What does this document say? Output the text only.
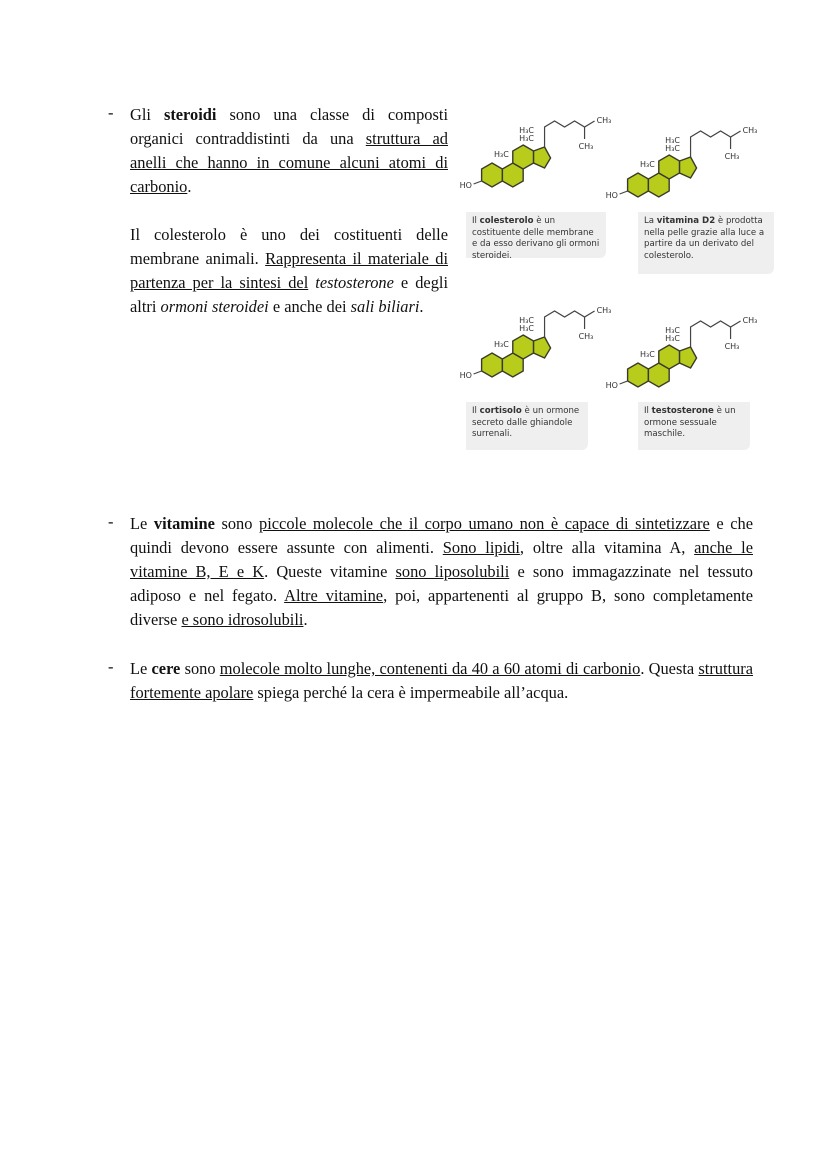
- Gli steroidi sono una classe di composti organici contraddistinti da una struttura ad anelli che hanno in comune alcuni atomi di carbonio.

Il colesterolo è uno dei costituenti delle membrane animali. Rappresenta il materiale di partenza per la sintesi del testosterone e degli altri ormoni steroidei e anche dei sali biliari.

HO
H₃C
H₃C
H₃C
CH₃
CH₃
HO
H₃C
H₃C
H₃C
CH₃
CH₃
Il colesterolo è un costituente delle membrane e da esso derivano gli ormoni steroidei.
La vitamina D2 è prodotta nella pelle grazie alla luce a partire da un derivato del colesterolo.
HO
H₃C
H₃C
H₃C
CH₃
CH₃
HO
H₃C
H₃C
H₃C
CH₃
CH₃
Il cortisolo è un ormone secreto dalle ghiandole surrenali.
Il testosterone è un ormone sessuale maschile.
- Le vitamine sono piccole molecole che il corpo umano non è capace di sintetizzare e che quindi devono essere assunte con alimenti. Sono lipidi, oltre alla vitamina A, anche le vitamine B, E e K. Queste vitamine sono liposolubili e sono immagazzinate nel tessuto adiposo e nel fegato. Altre vitamine, poi, appartenenti al gruppo B, sono completamente diverse e sono idrosolubili.

- Le cere sono molecole molto lunghe, contenenti da 40 a 60 atomi di carbonio. Questa struttura fortemente apolare spiega perché la cera è impermeabile all’acqua.
